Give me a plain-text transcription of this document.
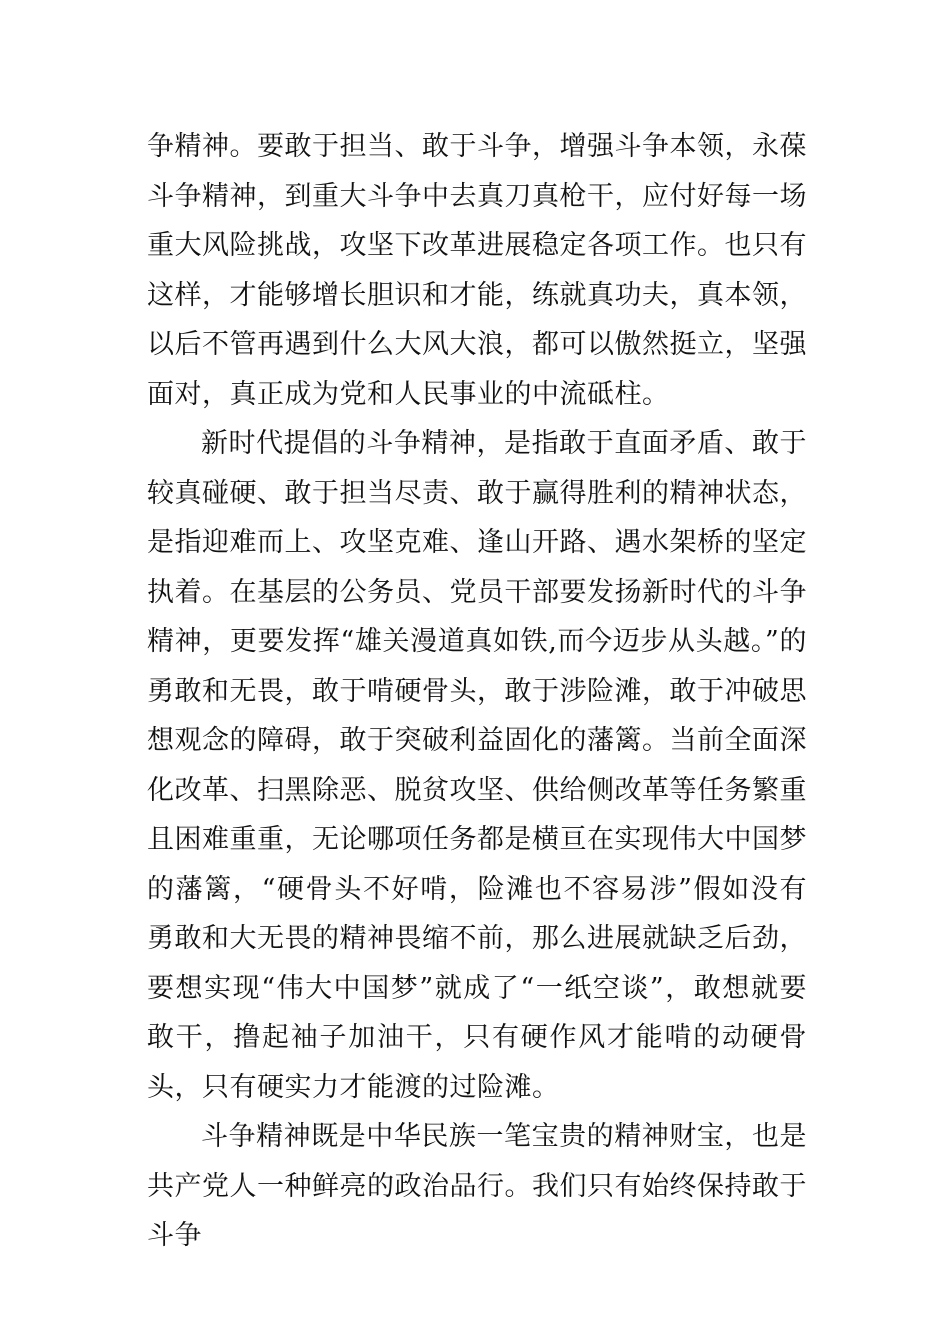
争精神。要敢于担当、敢于斗争，增强斗争本领，永葆斗争精神，到重大斗争中去真刀真枪干，应付好每一场重大风险挑战，攻坚下改革进展稳定各项工作。也只有这样，才能够增长胆识和才能，练就真功夫，真本领，以后不管再遇到什么大风大浪，都可以傲然挺立，坚强面对，真正成为党和人民事业的中流砥柱。

新时代提倡的斗争精神，是指敢于直面矛盾、敢于较真碰硬、敢于担当尽责、敢于赢得胜利的精神状态，是指迎难而上、攻坚克难、逢山开路、遇水架桥的坚定执着。在基层的公务员、党员干部要发扬新时代的斗争精神，更要发挥“雄关漫道真如铁,而今迈步从头越。”的勇敢和无畏，敢于啃硬骨头，敢于涉险滩，敢于冲破思想观念的障碍，敢于突破利益固化的藩篱。当前全面深化改革、扫黑除恶、脱贫攻坚、供给侧改革等任务繁重且困难重重，无论哪项任务都是横亘在实现伟大中国梦的藩篱，“硬骨头不好啃，险滩也不容易涉”假如没有勇敢和大无畏的精神畏缩不前，那么进展就缺乏后劲，要想实现“伟大中国梦”就成了“一纸空谈”，敢想就要敢干，撸起袖子加油干，只有硬作风才能啃的动硬骨头，只有硬实力才能渡的过险滩。

斗争精神既是中华民族一笔宝贵的精神财宝，也是共产党人一种鲜亮的政治品行。我们只有始终保持敢于斗争
